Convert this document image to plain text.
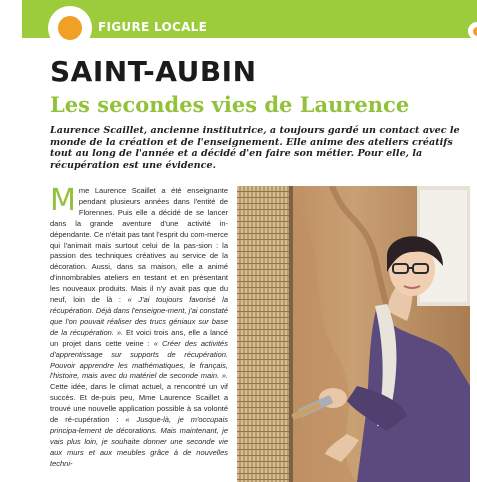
FIGURE LOCALE
SAINT-AUBIN
Les secondes vies de Laurence
Laurence Scaillet, ancienne institutrice, a toujours gardé un contact avec le monde de la création et de l'enseignement. Elle anime des ateliers créatifs tout au long de l'année et a décidé d'en faire son métier. Pour elle, la récupération est une évidence.
Mme Laurence Scaillet a été enseignante pendant plusieurs années dans l'entité de Florennes. Puis elle a décidé de se lancer dans la grande aventure d'une activité in-dépendante. Ce n'était pas tant l'esprit du com-merce qui l'animait mais surtout celui de la pas-sion : la passion des techniques créatives au service de la décoration. Aussi, dans sa maison, elle a animé d'innombrables ateliers en testant et en présentant les nouveaux produits. Mais il n'y avait pas que du neuf, loin de là : « J'ai toujours favorisé la récupération. Déjà dans l'enseigne-ment, j'ai constaté que l'on pouvait réaliser des trucs géniaux sur base de la récupération. ». Et voici trois ans, elle a lancé un projet dans cette veine : « Créer des activités d'apprentissage sur supports de récupération. Pouvoir apprendre les mathématiques, le français, l'histoire, mais avec du matériel de seconde main. ». Cette idée, dans le climat actuel, a rencontré un vif succès. Et de-puis peu, Mme Laurence Scaillet a trouvé une nouvelle application possible à sa volonté de ré-cupération : « Jusque-là, je m'occupais principa-lement de décorations. Mais maintenant, je vais plus loin, je souhaite donner une seconde vie aux murs et aux meubles grâce à de nouvelles techni-
